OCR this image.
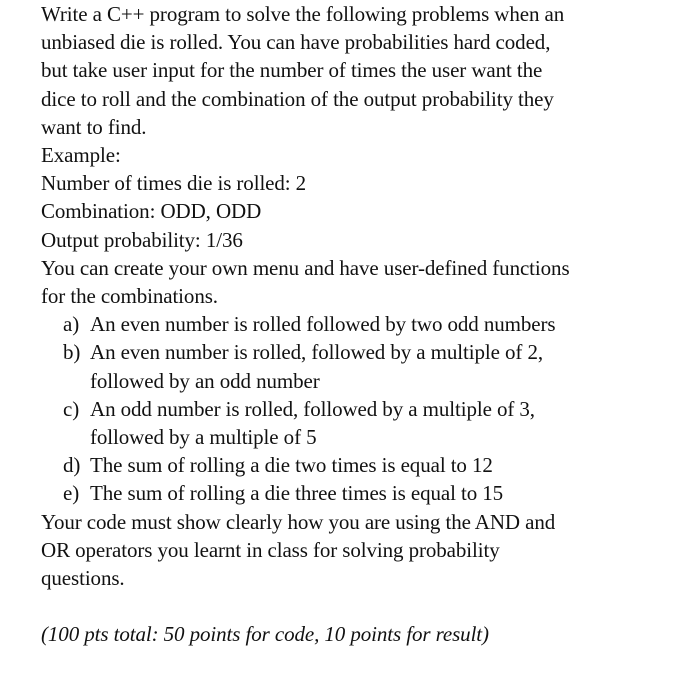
Write a C++ program to solve the following problems when an
unbiased die is rolled. You can have probabilities hard coded,
but take user input for the number of times the user want the
dice to roll and the combination of the output probability they
want to find.
Example:
Number of times die is rolled: 2
Combination: ODD, ODD
Output probability: 1/36
You can create your own menu and have user-defined functions
for the combinations.
a) An even number is rolled followed by two odd numbers
b) An even number is rolled, followed by a multiple of 2,
followed by an odd number
c) An odd number is rolled, followed by a multiple of 3,
followed by a multiple of 5
d) The sum of rolling a die two times is equal to 12
e) The sum of rolling a die three times is equal to 15
Your code must show clearly how you are using the AND and
OR operators you learnt in class for solving probability
questions.
(100 pts total: 50 points for code, 10 points for result)
